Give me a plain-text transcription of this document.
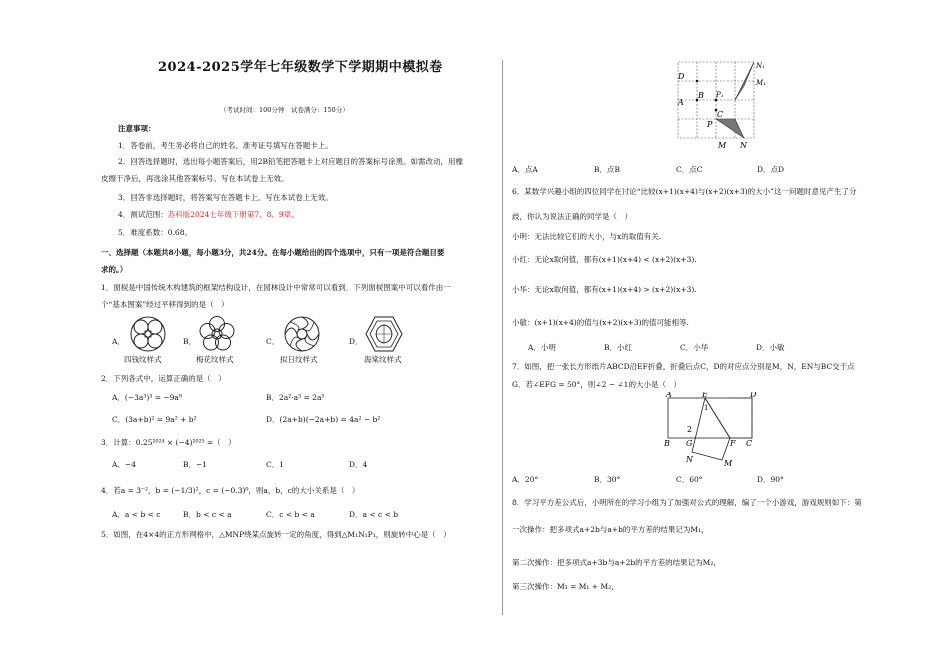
2024-2025学年七年级数学下学期期中模拟卷
（考试时间：100分钟　试卷满分：150分）
注意事项：
1．答卷前，考生务必将自己的姓名、准考证号填写在答题卡上。
2．回答选择题时，选出每小题答案后，用2B铅笔把答题卡上对应题目的答案标号涂黑。如需改动，用橡
皮擦干净后，再选涂其他答案标号。写在本试卷上无效。
3．回答非选择题时，将答案写在答题卡上。写在本试卷上无效。
4．测试范围：苏科版2024七年级下册第7、8、9章。
5．难度系数：0.68。
一、选择题（本题共8小题，每小题3分，共24分。在每小题给出的四个选项中，只有一项是符合题目要
求的。）
1．窗棂是中国传统木构建筑的框架结构设计，在园林设计中常常可以看到．下列窗棂图案中可以看作由一
个“基本图案”经过平移得到的是（　）
A．
四钱纹样式
B．
梅花纹样式
C．
拟日纹样式
D．
海棠纹样式
2．下列各式中，运算正确的是（　）
A．(−3a³)³ = −9a⁹	B．2a²·a³ = 2a⁵
C．(3a+b)² = 9a² + b²	D．(2a+b)(−2a+b) = 4a² − b²
3．计算：0.25²⁰²⁴ × (−4)²⁰²⁵ =（　）
A．−4	B．−1	C．1	D．4
4．若a = 3⁻²，b = (−1/3)²，c = (−0.3)⁰，则a，b，c的大小关系是（　）
A．a < b < c	B．b < c < a	C．c < b < a	D．a < c < b
5．如图，在4×4的正方形网格中，△MNP绕某点旋转一定的角度，得到△M₁N₁P₁，则旋转中心是（　）
D
B
A
C
P₁
P
N₁
M₁
M N
A．点A	B．点B	C．点C	D．点D
6．某数学兴趣小组的四位同学在讨论“比较(x+1)(x+4)与(x+2)(x+3)的大小”这一问题时意见产生了分
歧，你认为说法正确的同学是（　）
小明：无法比较它们的大小，与x的取值有关.
小红：无论x取何值，都有(x+1)(x+4) < (x+2)(x+3).
小华：无论x取何值，都有(x+1)(x+4) > (x+2)(x+3).
小敏：(x+1)(x+4)的值与(x+2)(x+3)的值可能相等.
A．小明	B．小红	C．小华	D．小敏
7．如图，把一张长方形纸片ABCD沿EF折叠，折叠后点C，D的对应点分别是M，N，EN与BC交于点
G．若∠EFG = 50°，则∠2 − ∠1的大小是（　）
A	E	D
1
2
B G	F C
N	M
A．20°	B．30°	C．60°	D．90°
8．学习平方差公式后，小明所在的学习小组为了加强对公式的理解，编了一个小游戏，游戏规则如下：第
一次操作：把多项式a+2b与a+b的平方差的结果记为M₁，
第二次操作：把多项式a+3b与a+2b的平方差的结果记为M₂，
第三次操作：M₃ = M₁ + M₂，
